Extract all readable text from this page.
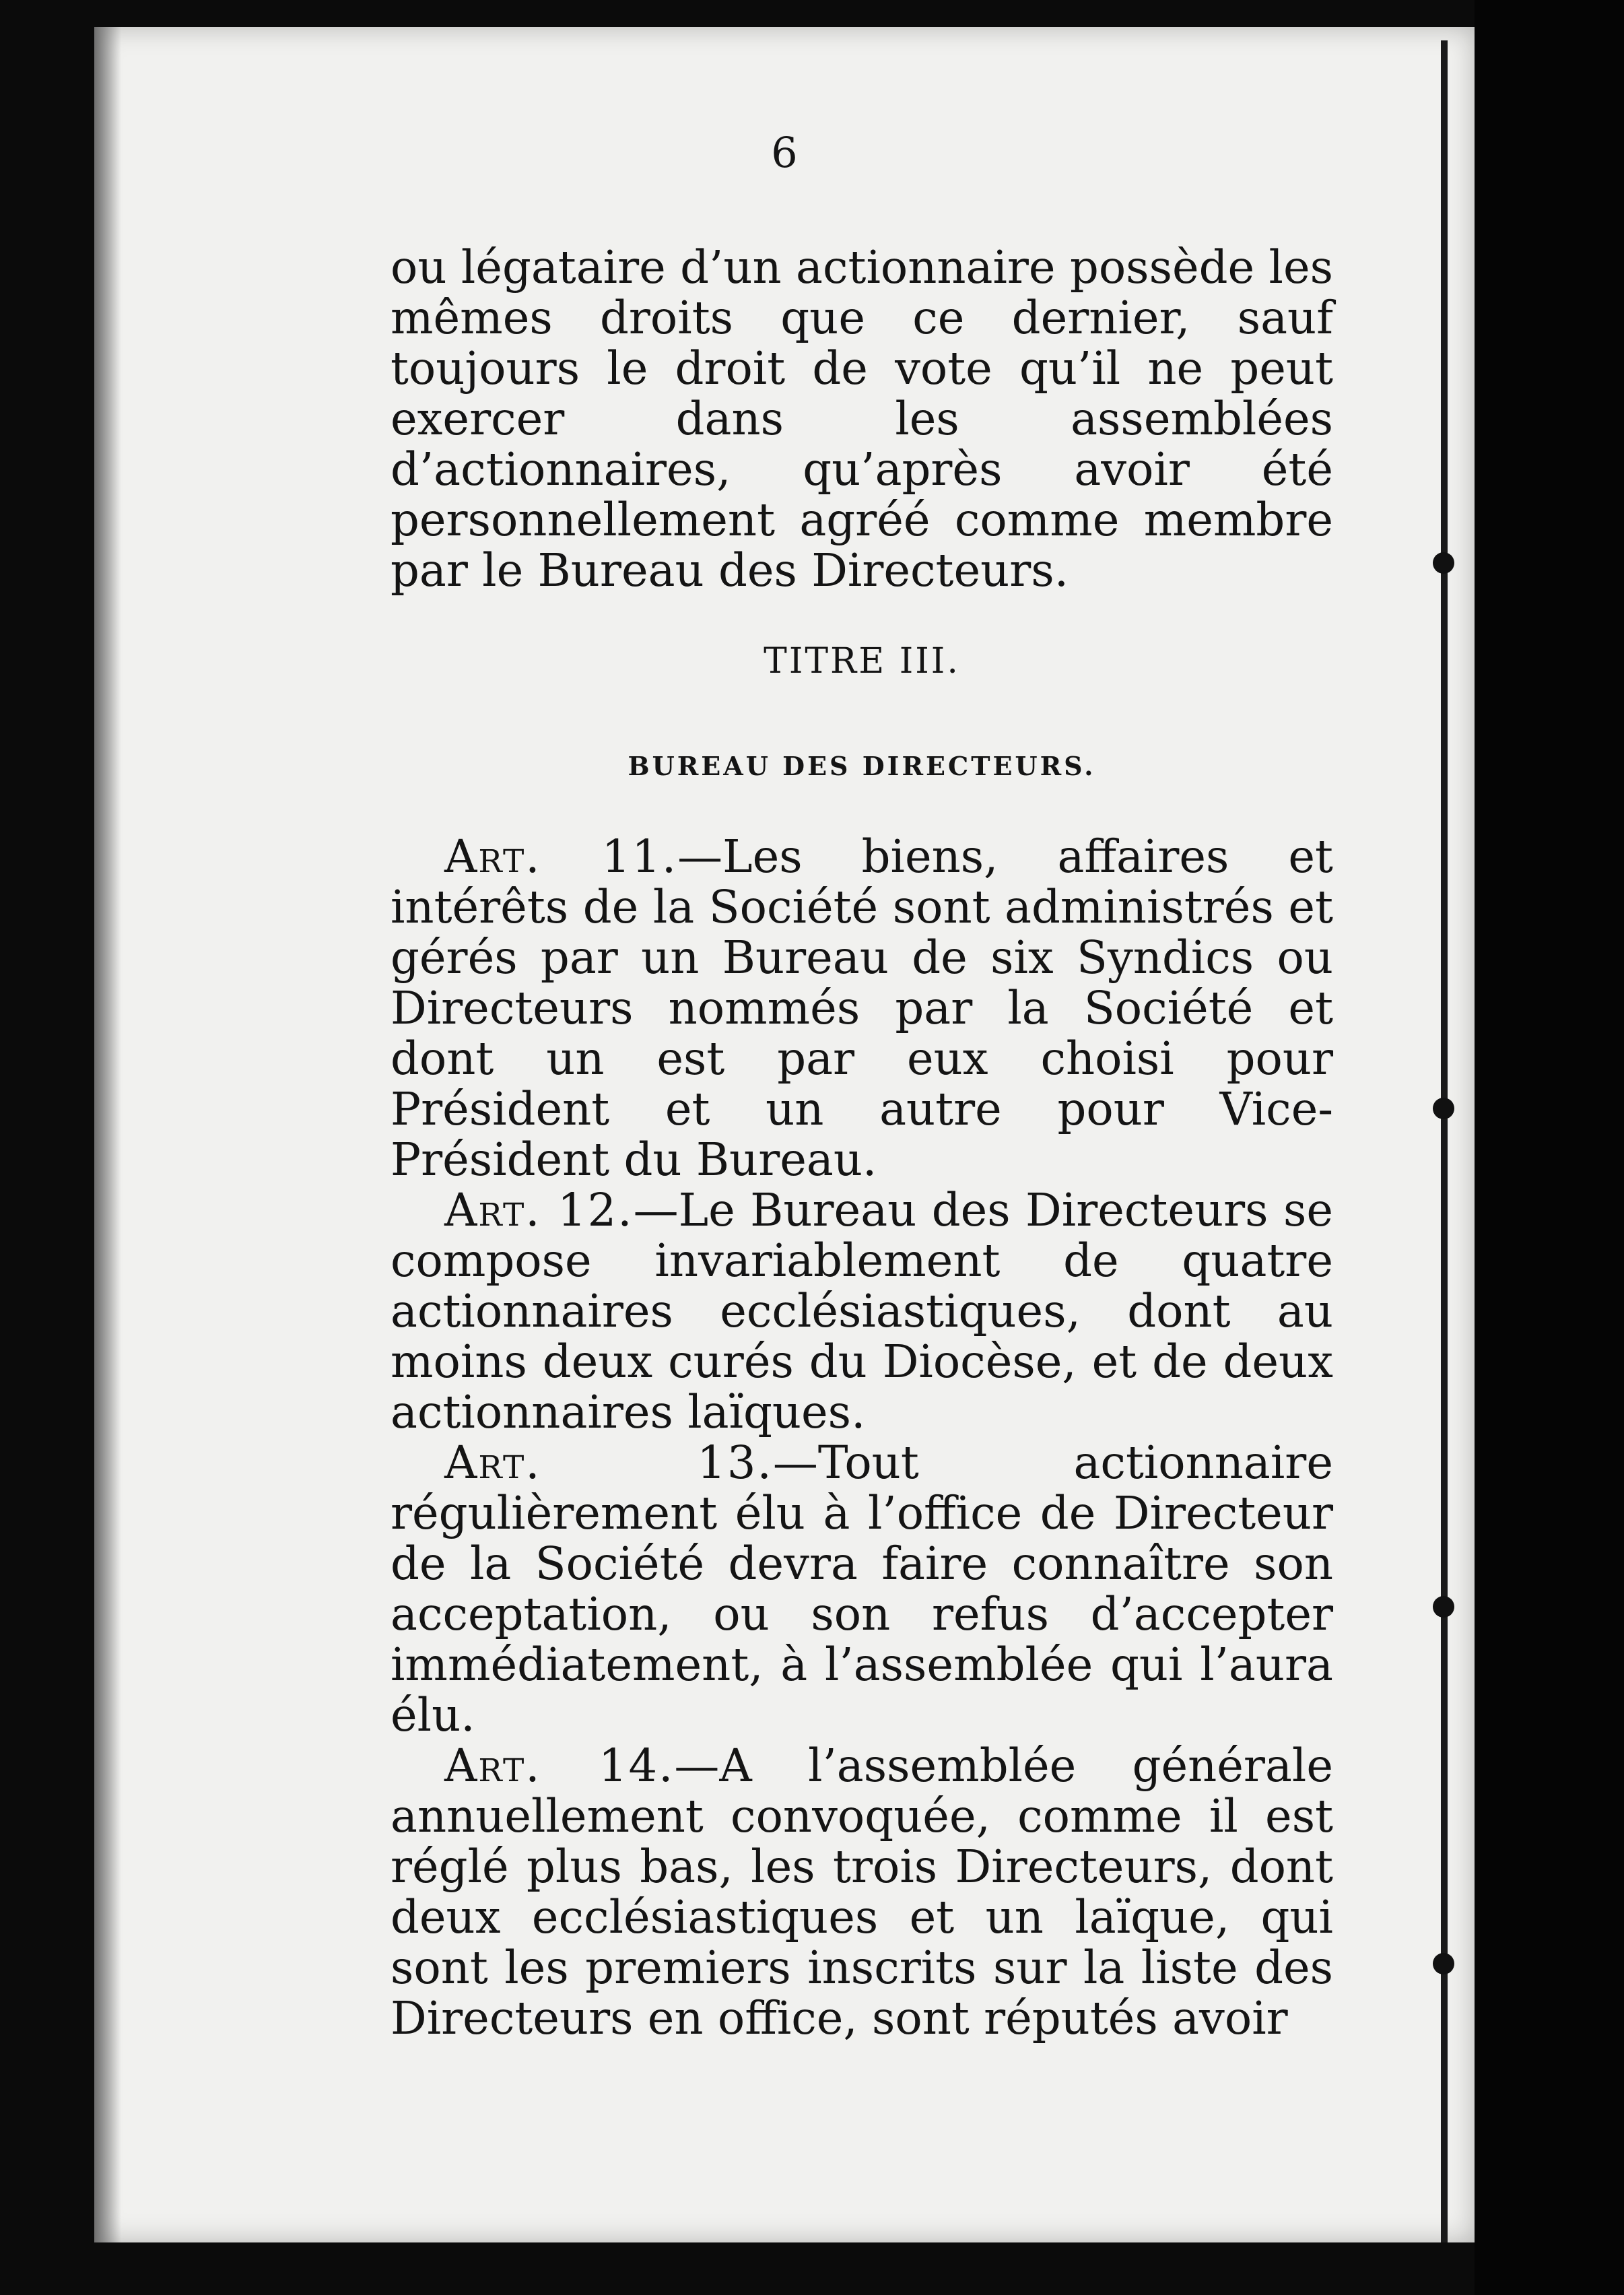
6

ou légataire d’un actionnaire possède les mêmes droits que ce dernier, sauf toujours le droit de vote qu’il ne peut exercer dans les assemblées d’actionnaires, qu’après avoir été personnellement agréé comme membre par le Bureau des Directeurs.

TITRE III.

BUREAU DES DIRECTEURS.

Art. 11.—Les biens, affaires et intérêts de la Société sont administrés et gérés par un Bureau de six Syndics ou Directeurs nommés par la Société et dont un est par eux choisi pour Président et un autre pour Vice-Président du Bureau.

Art. 12.—Le Bureau des Directeurs se compose invariablement de quatre actionnaires ecclésiastiques, dont au moins deux curés du Diocèse, et de deux actionnaires laïques.

Art. 13.—Tout actionnaire régulièrement élu à l’office de Directeur de la Société devra faire connaître son acceptation, ou son refus d’accepter immédiatement, à l’assemblée qui l’aura élu.

Art. 14.—A l’assemblée générale annuellement convoquée, comme il est réglé plus bas, les trois Directeurs, dont deux ecclésiastiques et un laïque, qui sont les premiers inscrits sur la liste des Directeurs en office, sont réputés avoir
